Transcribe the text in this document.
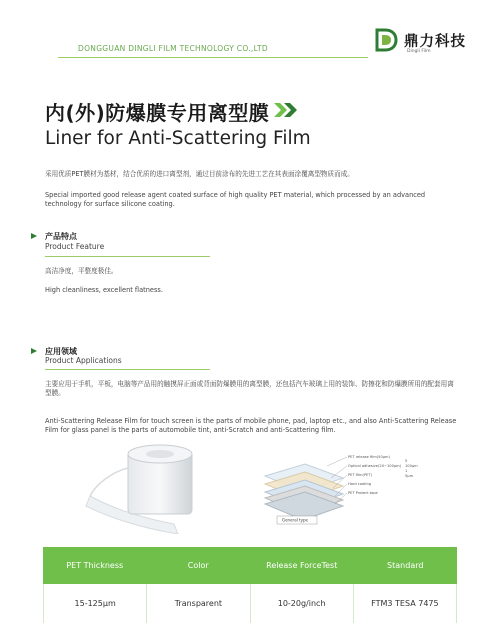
DONGGUAN DINGLI FILM TECHNOLOGY CO.,LTD	鼎力科技
Dingli Film
内(外)防爆膜专用离型膜
Liner for Anti-Scattering Film
采用优质PET膜材为基材，结合优质的进口离型剂，通过目前涂布的先进工艺在其表面涂覆离型物质而成。
Special imported good release agent coated surface of high quality PET material, which processed by an advanced technology for surface silicone coating.
产品特点
Product Feature
高洁净度，平整度极佳。
High cleanliness, excellent flatness.
应用领域
Product Applications
主要应用于手机，平板，电脑等产品用的触摸屏正面或背面防爆膜用的离型膜，还包括汽车玻璃上用的装饰、防擦花和防爆膜所用的配套用离型膜。
Anti-Scattering Release Film for touch screen is the parts of mobile phone, pad, laptop etc., and also Anti-Scattering Release Film for glass panel is the parts of automobile tint, anti-Scratch and anti-Scattering film.
PET release film(50μm)
Optical adhesive(20~100μm)
PET film(PET)
Hard coating
PET Protect tape
5
100μm
1
5μm
General type
PET Thickness	Color	Release ForceTest	Standard
15-125μm	Transparent	10-20g/inch	FTM3 TESA 7475
